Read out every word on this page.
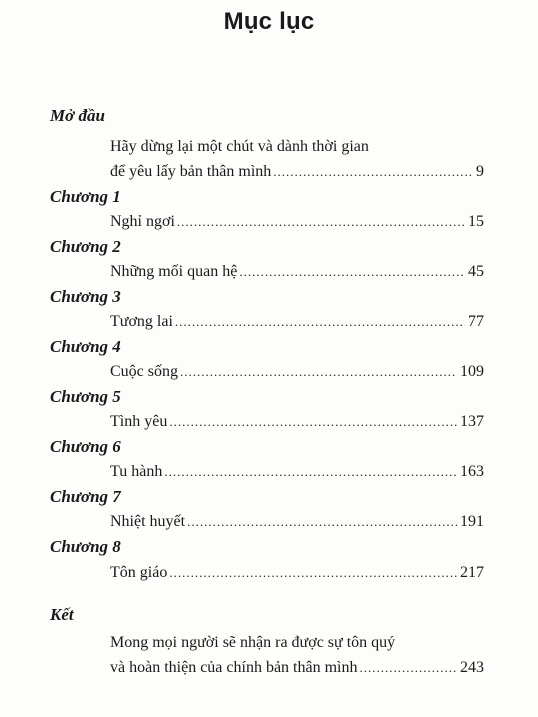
Mục lục
Mở đầu
Hãy dừng lại một chút và dành thời gian
để yêu lấy bản thân mình .....	9
Chương 1
Nghỉ ngơi .....	15
Chương 2
Những mối quan hệ .....	45
Chương 3
Tương lai .....	77
Chương 4
Cuộc sống .....	109
Chương 5
Tình yêu .....	137
Chương 6
Tu hành .....	163
Chương 7
Nhiệt huyết .....	191
Chương 8
Tôn giáo .....	217
Kết
Mong mọi người sẽ nhận ra được sự tôn quý
và hoàn thiện của chính bản thân mình .....	243
